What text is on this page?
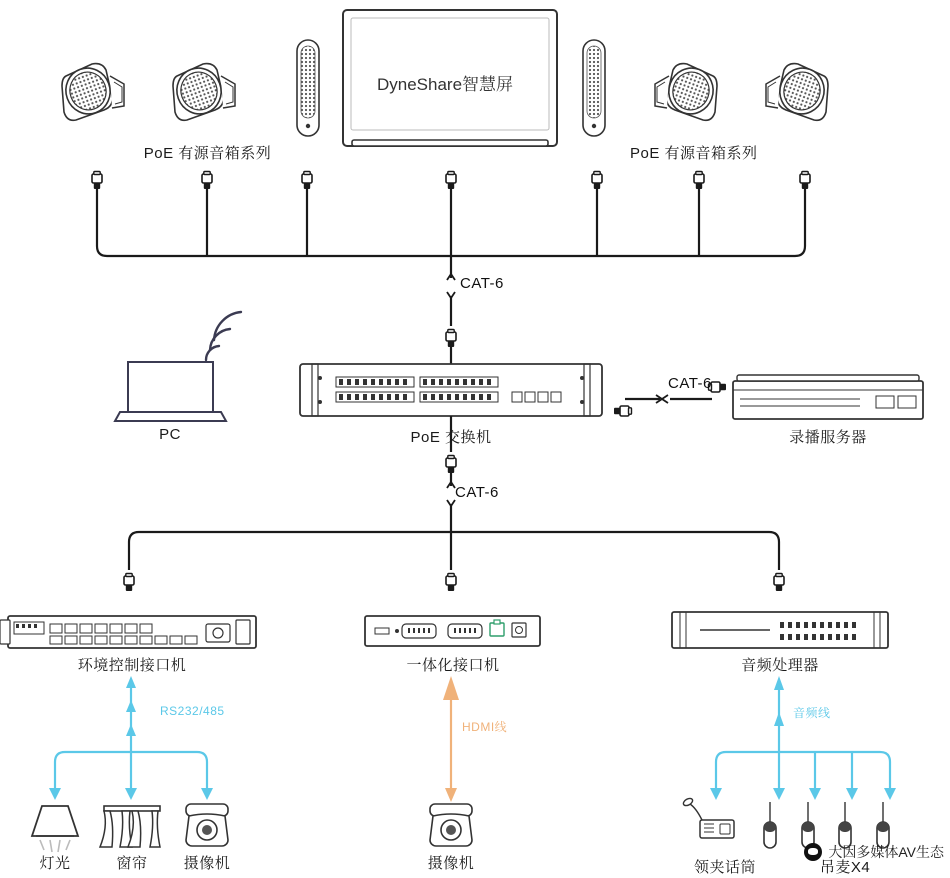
DyneShare智慧屏
PoE 有源音箱系列	PoE 有源音箱系列
CAT-6
CAT-6
CAT-6
PC	PoE 交换机	录播服务器
环境控制接口机	一体化接口机	音频处理器
RS232/485
HDMI线
音频线
灯光	窗帘	摄像机	摄像机	领夹话筒	吊麦X4
大因多媒体AV生态
